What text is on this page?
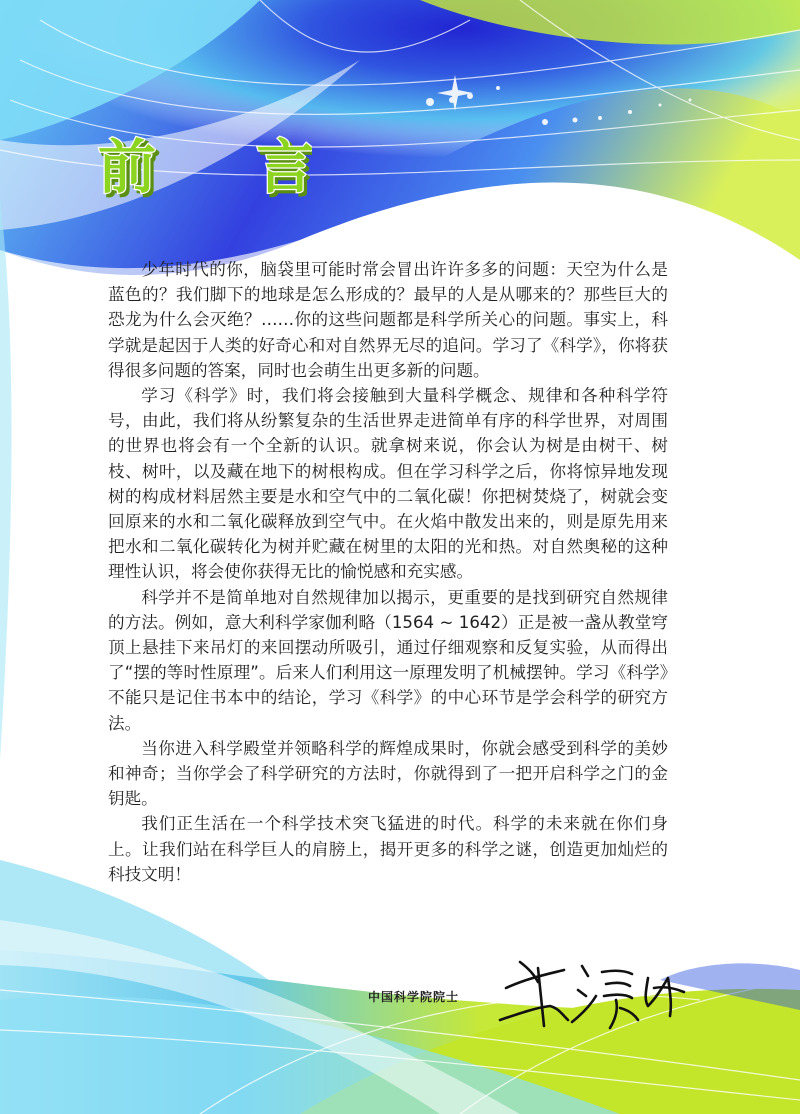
前
前

少年时代的你，脑袋里可能时常会冒出许许多多的问题：天空为什么是蓝色的？我们脚下的地球是怎么形成的？最早的人是从哪来的？那些巨大的恐龙为什么会灭绝？……你的这些问题都是科学所关心的问题。事实上，科学就是起因于人类的好奇心和对自然界无尽的追问。学习了《科学》，你将获得很多问题的答案，同时也会萌生出更多新的问题。

学习《科学》时，我们将会接触到大量科学概念、规律和各种科学符号，由此，我们将从纷繁复杂的生活世界走进简单有序的科学世界，对周围的世界也将会有一个全新的认识。就拿树来说，你会认为树是由树干、树枝、树叶，以及藏在地下的树根构成。但在学习科学之后，你将惊异地发现树的构成材料居然主要是水和空气中的二氧化碳！你把树焚烧了，树就会变回原来的水和二氧化碳释放到空气中。在火焰中散发出来的，则是原先用来把水和二氧化碳转化为树并贮藏在树里的太阳的光和热。对自然奥秘的这种理性认识，将会使你获得无比的愉悦感和充实感。

科学并不是简单地对自然规律加以揭示，更重要的是找到研究自然规律的方法。例如，意大利科学家伽利略（1564 ~ 1642）正是被一盏从教堂穹顶上悬挂下来吊灯的来回摆动所吸引，通过仔细观察和反复实验，从而得出了“摆的等时性原理”。后来人们利用这一原理发明了机械摆钟。学习《科学》不能只是记住书本中的结论，学习《科学》的中心环节是学会科学的研究方法。

当你进入科学殿堂并领略科学的辉煌成果时，你就会感受到科学的美妙和神奇；当你学会了科学研究的方法时，你就得到了一把开启科学之门的金钥匙。

我们正生活在一个科学技术突飞猛进的时代。科学的未来就在你们身上。让我们站在科学巨人的肩膀上，揭开更多的科学之谜，创造更加灿烂的科技文明！

中国科学院院士
